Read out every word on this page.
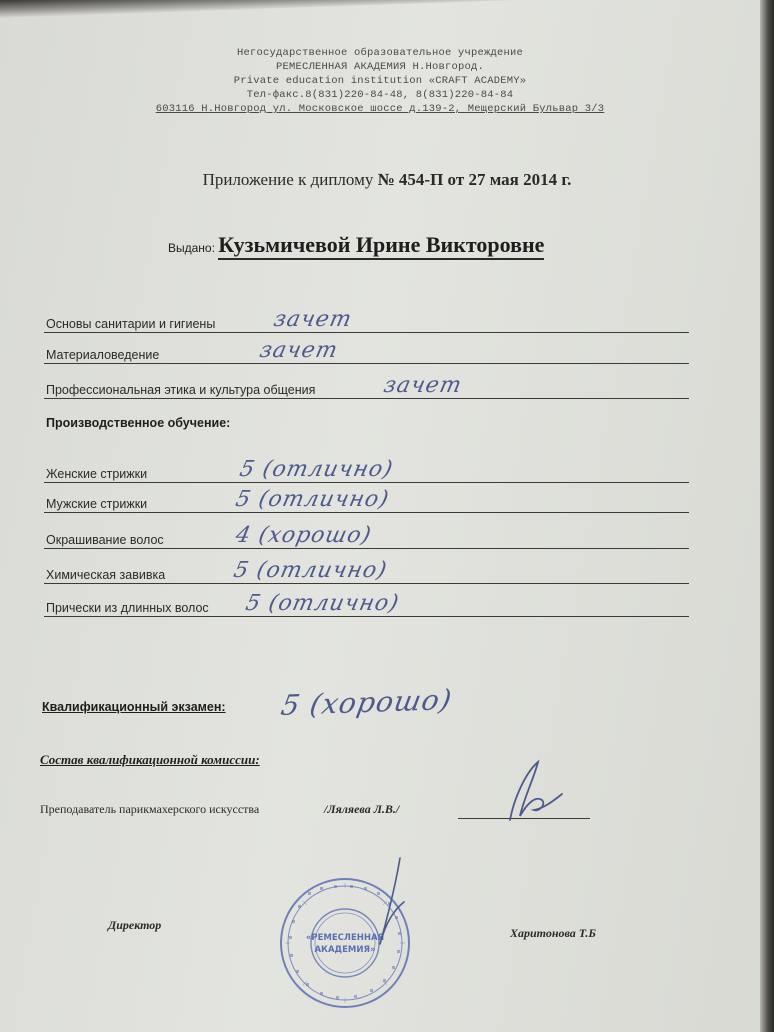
Негосударственное образовательное учреждение
РЕМЕСЛЕННАЯ АКАДЕМИЯ Н.Новгород.
Private education institution «CRAFT ACADEMY»
Тел-факс.8(831)220-84-48, 8(831)220-84-84
603116 Н.Новгород ул. Московское шоссе д.139-2, Мещерский Бульвар 3/3
Приложение к диплому № 454-П от 27 мая 2014 г.
Выдано: Кузьмичевой Ирине Викторовне
Основы санитарии и гигиены	зачет
Материаловедение	зачет
Профессиональная этика и культура общения	зачет
Производственное обучение:
Женские стрижки	5 (отлично)
Мужские стрижки	5 (отлично)
Окрашивание волос	4 (хорошо)
Химическая завивка	5 (отлично)
Прически из длинных волос 5 (отлично)
Квалификационный экзамен: 5 (хорошо)
Состав квалификационной комиссии:
Преподаватель парикмахерского искусства	/Ляляева Л.В./
Директор
Харитонова Т.Б
«РЕМЕСЛЕННАЯ
АКАДЕМИЯ»
